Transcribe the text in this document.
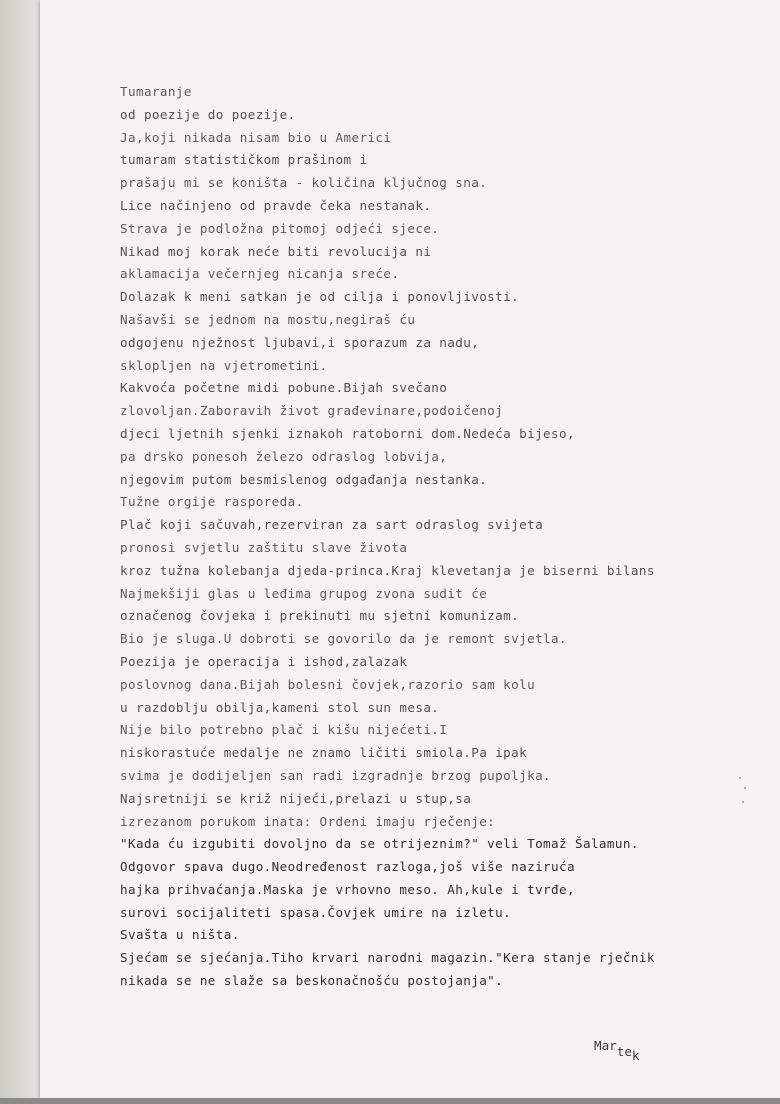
Tumaranje
od poezije do poezije.
Ja,koji nikada nisam bio u Americi
tumaram statističkom prašinom i
prašaju mi se koništa - količina ključnog sna.
Lice načinjeno od pravde čeka nestanak.
Strava je podložna pitomoj odjeći sjece.
Nikad moj korak neće biti revolucija ni
aklamacija večernjeg nicanja sreće.
Dolazak k meni satkan je od cilja i ponovljivosti.
Našavši se jednom na mostu,negiraš ću
odgojenu nježnost ljubavi,i sporazum za nadu,
sklopljen na vjetrometini.
Kakvoća početne midi pobune.Bijah svečano
zlovoljan.Zaboravih život građevinare,podoičenoj
djeci ljetnih sjenki iznakoh ratoborni dom.Nedeća bijeso,
pa drsko ponesoh železo odraslog lobvija,
njegovim putom besmislenog odgađanja nestanka.
Tužne orgije rasporeda.
Plač koji sačuvah,rezerviran za sart odraslog svijeta
pronosi svjetlu zaštitu slave života
kroz tužna kolebanja djeda-princa.Kraj klevetanja je biserni bilans
Najmekšiji glas u leđima grupog zvona sudit će
označenog čovjeka i prekinuti mu sjetni komunizam.
Bio je sluga.U dobroti se govorilo da je remont svjetla.
Poezija je operacija i ishod,zalazak
poslovnog dana.Bijah bolesni čovjek,razorio sam kolu
u razdoblju obilja,kameni stol sun mesa.
Nije bilo potrebno plač i kišu nijećeti.I
niskorastuće medalje ne znamo ličiti smiola.Pa ipak
svima je dodijeljen san radi izgradnje brzog pupoljka.
Najsretniji se križ nijeći,prelazi u stup,sa
izrezanom porukom inata: Ordeni imaju rječenje:
"Kada ću izgubiti dovoljno da se otrijeznim?" veli Tomaž Šalamun.
Odgovor spava dugo.Neodređenost razloga,još više naziruća
hajka prihvaćanja.Maska je vrhovno meso. Ah,kule i tvrđe,
surovi socijaliteti spasa.Čovjek umire na izletu.
Svašta u ništa.
Sjećam se sjećanja.Tiho krvari narodni magazin."Kera stanje rječnik
nikada se ne slaže sa beskonačnošću postojanja".
Martek
